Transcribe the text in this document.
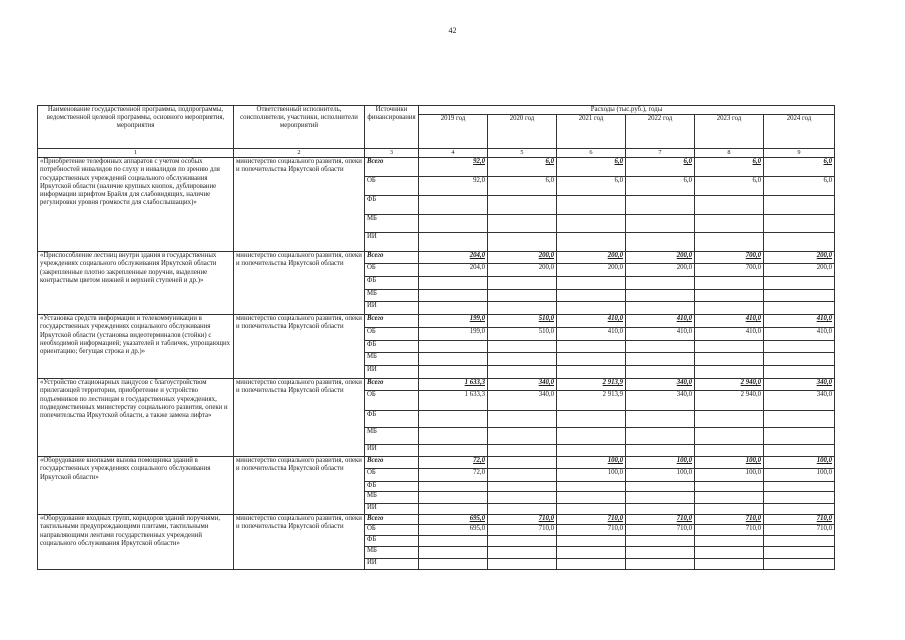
42
Наименование государственной программы, подпрограммы, ведомственной целевой программы, основного мероприятия, мероприятия	Ответственный исполнитель, соисполнители, участники, исполнители мероприятий	Источники финансирования	Расходы (тыс.руб.), годы					
			2019 год	2020 год	2021 год	2022 год	2023 год	2024 год
1	2	3	4	5	6	7	8	9
«Приобретение телефонных аппаратов с учетом особых потребностей инвалидов по слуху и инвалидов по зрению для государственных учреждений социального обслуживания Иркутской области (наличие крупных кнопок, дублирование информации шрифтом Брайля для слабовидящих, наличие регулировки уровня громкости для слабослышащих)»	министерство социального развития, опеки и попечительства Иркутской области	Всего	92,0	6,0	6,0	6,0	6,0	6,0
		ОБ	92,0	6,0	6,0	6,0	6,0	6,0
		ФБ						
		МБ						
		ИИ						
«Приспособление лестниц внутри здания в государственных учреждениях социального обслуживания Иркутской области (закрепленные плотно закрепленные поручни, выделение контрастным цветом нижней и верхней ступеней и др.)»	министерство социального развития, опеки и попечительства Иркутской области	Всего	204,0	200,0	200,0	200,0	700,0	200,0
		ОБ	204,0	200,0	200,0	200,0	700,0	200,0
		ФБ						
		МБ						
		ИИ						
«Установка средств информации и телекоммуникации в государственных учреждениях социального обслуживания Иркутской области (установка видеотерминалов (стойки) с необходимой информацией; указателей и табличек, упрощающих ориентацию; бегущая строка и др.)»	министерство социального развития, опеки и попечительства Иркутской области	Всего	199,0	510,0	410,0	410,0	410,0	410,0
		ОБ	199,0	510,0	410,0	410,0	410,0	410,0
		ФБ						
		МБ						
		ИИ						
«Устройство стационарных пандусов с благоустройством прилегающей территории, приобретение и устройство подъемников по лестницам в государственных учреждениях, подведомственных министерству социального развития, опеки и попечительства Иркутской области, а также замена лифта»	министерство социального развития, опеки и попечительства Иркутской области	Всего	1 633,3	340,0	2 913,9	340,0	2 940,0	340,0
		ОБ	1 633,3	340,0	2 913,9	340,0	2 940,0	340,0
		ФБ						
		МБ						
		ИИ						
«Оборудование кнопками вызова помощника зданий в государственных учреждениях социального обслуживания Иркутской области»	министерство социального развития, опеки и попечительства Иркутской области	Всего	72,0		100,0	100,0	100,0	100,0
		ОБ	72,0		100,0	100,0	100,0	100,0
		ФБ						
		МБ						
		ИИ						
«Оборудование входных групп, коридоров зданий поручнями, тактильными предупреждающими плитами, тактильными направляющими лентами государственных учреждений социального обслуживания Иркутской области»	министерство социального развития, опеки и попечительства Иркутской области	Всего	695,0	710,0	710,0	710,0	710,0	710,0
		ОБ	695,0	710,0	710,0	710,0	710,0	710,0
		ФБ						
		МБ						
		ИИ						
